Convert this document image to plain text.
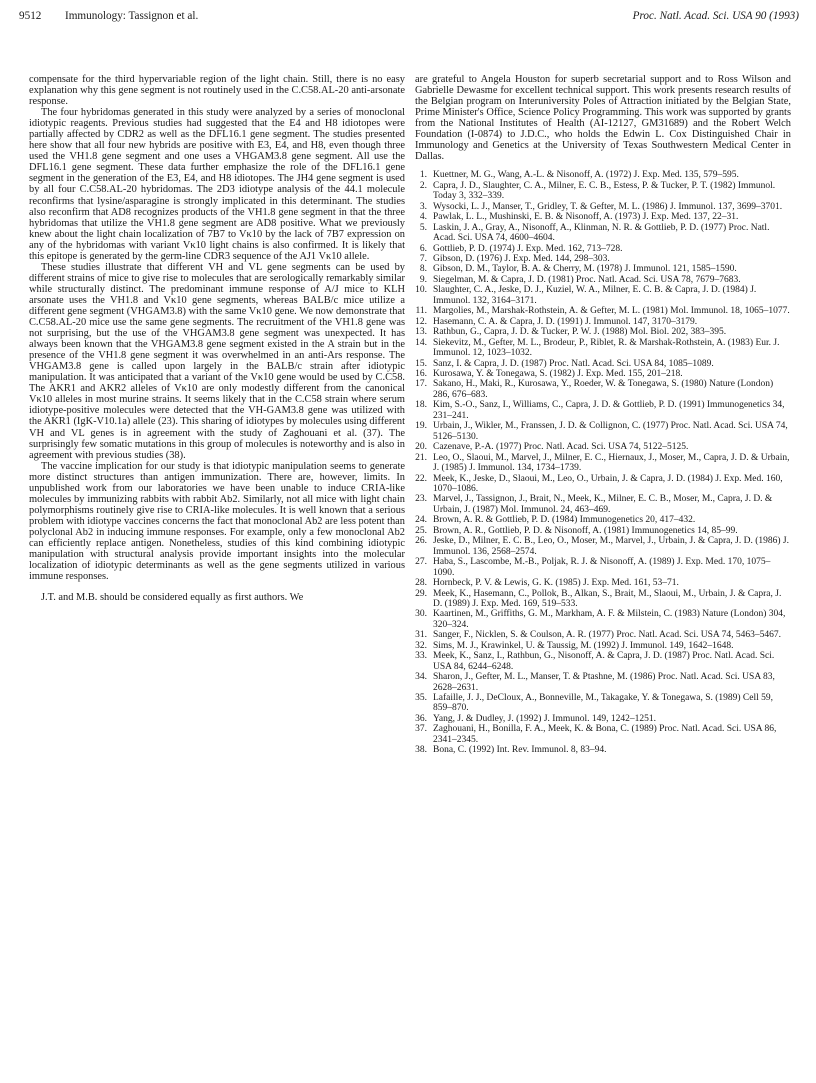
9512 Immunology: Tassignon et al.	Proc. Natl. Acad. Sci. USA 90 (1993)

compensate for the third hypervariable region of the light chain. Still, there is no easy explanation why this gene segment is not routinely used in the C.C58.AL-20 anti-arsonate response.

The four hybridomas generated in this study were analyzed by a series of monoclonal idiotypic reagents. Previous studies had suggested that the E4 and H8 idiotopes were partially affected by CDR2 as well as the DFL16.1 gene segment. The studies presented here show that all four new hybrids are positive with E3, E4, and H8, even though three used the VH1.8 gene segment and one uses a VHGAM3.8 gene segment. All use the DFL16.1 gene segment. These data further emphasize the role of the DFL16.1 gene segment in the generation of the E3, E4, and H8 idiotopes. The JH4 gene segment is used by all four C.C58.AL-20 hybridomas. The 2D3 idiotype analysis of the 44.1 molecule reconfirms that lysine/asparagine is strongly implicated in this determinant. The studies also reconfirm that AD8 recognizes products of the VH1.8 gene segment in that the three hybridomas that utilize the VH1.8 gene segment are AD8 positive. What we previously knew about the light chain localization of 7B7 to Vκ10 by the lack of 7B7 expression on any of the hybridomas with variant Vκ10 light chains is also confirmed. It is likely that this epitope is generated by the germ-line CDR3 sequence of the AJ1 Vκ10 allele.

These studies illustrate that different VH and VL gene segments can be used by different strains of mice to give rise to molecules that are serologically remarkably similar while structurally distinct. The predominant immune response of A/J mice to KLH arsonate uses the VH1.8 and Vκ10 gene segments, whereas BALB/c mice utilize a different gene segment (VHGAM3.8) with the same Vκ10 gene. We now demonstrate that C.C58.AL-20 mice use the same gene segments. The recruitment of the VH1.8 gene was not surprising, but the use of the VHGAM3.8 gene segment was unexpected. It has always been known that the VHGAM3.8 gene segment existed in the A strain but in the presence of the VH1.8 gene segment it was overwhelmed in an anti-Ars response. The VHGAM3.8 gene is called upon largely in the BALB/c strain after idiotypic manipulation. It was anticipated that a variant of the Vκ10 gene would be used by C.C58. The AKR1 and AKR2 alleles of Vκ10 are only modestly different from the canonical Vκ10 alleles in most murine strains. It seems likely that in the C.C58 strain where serum idiotype-positive molecules were detected that the VH-GAM3.8 gene was utilized with the AKR1 (IgK-V10.1a) allele (23). This sharing of idiotypes by molecules using different VH and VL genes is in agreement with the study of Zaghouani et al. (37). The surprisingly few somatic mutations in this group of molecules is noteworthy and is also in agreement with previous studies (38).

The vaccine implication for our study is that idiotypic manipulation seems to generate more distinct structures than antigen immunization. There are, however, limits. In unpublished work from our laboratories we have been unable to induce CRIA-like molecules by immunizing rabbits with rabbit Ab2. Similarly, not all mice with light chain polymorphisms routinely give rise to CRIA-like molecules. It is well known that a serious problem with idiotype vaccines concerns the fact that monoclonal Ab2 are less potent than polyclonal Ab2 in inducing immune responses. For example, only a few monoclonal Ab2 can efficiently replace antigen. Nonetheless, studies of this kind combining idiotypic manipulation with structural analysis provide important insights into the molecular localization of idiotypic determinants as well as the gene segments utilized in various immune responses.

J.T. and M.B. should be considered equally as first authors. We

are grateful to Angela Houston for superb secretarial support and to Ross Wilson and Gabrielle Dewasme for excellent technical support. This work presents research results of the Belgian program on Interuniversity Poles of Attraction initiated by the Belgian State, Prime Minister's Office, Science Policy Programming. This work was supported by grants from the National Institutes of Health (AI-12127, GM31689) and the Robert Welch Foundation (I-0874) to J.D.C., who holds the Edwin L. Cox Distinguished Chair in Immunology and Genetics at the University of Texas Southwestern Medical Center in Dallas.

1. Kuettner, M. G., Wang, A.-L. & Nisonoff, A. (1972) J. Exp. Med. 135, 579–595.
2. Capra, J. D., Slaughter, C. A., Milner, E. C. B., Estess, P. & Tucker, P. T. (1982) Immunol. Today 3, 332–339.
3. Wysocki, L. J., Manser, T., Gridley, T. & Gefter, M. L. (1986) J. Immunol. 137, 3699–3701.
4. Pawlak, L. L., Mushinski, E. B. & Nisonoff, A. (1973) J. Exp. Med. 137, 22–31.
5. Laskin, J. A., Gray, A., Nisonoff, A., Klinman, N. R. & Gottlieb, P. D. (1977) Proc. Natl. Acad. Sci. USA 74, 4600–4604.
6. Gottlieb, P. D. (1974) J. Exp. Med. 162, 713–728.
7. Gibson, D. (1976) J. Exp. Med. 144, 298–303.
8. Gibson, D. M., Taylor, B. A. & Cherry, M. (1978) J. Immunol. 121, 1585–1590.
9. Siegelman, M. & Capra, J. D. (1981) Proc. Natl. Acad. Sci. USA 78, 7679–7683.
10. Slaughter, C. A., Jeske, D. J., Kuziel, W. A., Milner, E. C. B. & Capra, J. D. (1984) J. Immunol. 132, 3164–3171.
11. Margolies, M., Marshak-Rothstein, A. & Gefter, M. L. (1981) Mol. Immunol. 18, 1065–1077.
12. Hasemann, C. A. & Capra, J. D. (1991) J. Immunol. 147, 3170–3179.
13. Rathbun, G., Capra, J. D. & Tucker, P. W. J. (1988) Mol. Biol. 202, 383–395.
14. Siekevitz, M., Gefter, M. L., Brodeur, P., Riblet, R. & Marshak-Rothstein, A. (1983) Eur. J. Immunol. 12, 1023–1032.
15. Sanz, I. & Capra, J. D. (1987) Proc. Natl. Acad. Sci. USA 84, 1085–1089.
16. Kurosawa, Y. & Tonegawa, S. (1982) J. Exp. Med. 155, 201–218.
17. Sakano, H., Maki, R., Kurosawa, Y., Roeder, W. & Tonegawa, S. (1980) Nature (London) 286, 676–683.
18. Kim, S.-O., Sanz, I., Williams, C., Capra, J. D. & Gottlieb, P. D. (1991) Immunogenetics 34, 231–241.
19. Urbain, J., Wikler, M., Franssen, J. D. & Collignon, C. (1977) Proc. Natl. Acad. Sci. USA 74, 5126–5130.
20. Cazenave, P.-A. (1977) Proc. Natl. Acad. Sci. USA 74, 5122–5125.
21. Leo, O., Slaoui, M., Marvel, J., Milner, E. C., Hiernaux, J., Moser, M., Capra, J. D. & Urbain, J. (1985) J. Immunol. 134, 1734–1739.
22. Meek, K., Jeske, D., Slaoui, M., Leo, O., Urbain, J. & Capra, J. D. (1984) J. Exp. Med. 160, 1070–1086.
23. Marvel, J., Tassignon, J., Brait, N., Meek, K., Milner, E. C. B., Moser, M., Capra, J. D. & Urbain, J. (1987) Mol. Immunol. 24, 463–469.
24. Brown, A. R. & Gottlieb, P. D. (1984) Immunogenetics 20, 417–432.
25. Brown, A. R., Gottlieb, P. D. & Nisonoff, A. (1981) Immunogenetics 14, 85–99.
26. Jeske, D., Milner, E. C. B., Leo, O., Moser, M., Marvel, J., Urbain, J. & Capra, J. D. (1986) J. Immunol. 136, 2568–2574.
27. Haba, S., Lascombe, M.-B., Poljak, R. J. & Nisonoff, A. (1989) J. Exp. Med. 170, 1075–1090.
28. Hornbeck, P. V. & Lewis, G. K. (1985) J. Exp. Med. 161, 53–71.
29. Meek, K., Hasemann, C., Pollok, B., Alkan, S., Brait, M., Slaoui, M., Urbain, J. & Capra, J. D. (1989) J. Exp. Med. 169, 519–533.
30. Kaartinen, M., Griffiths, G. M., Markham, A. F. & Milstein, C. (1983) Nature (London) 304, 320–324.
31. Sanger, F., Nicklen, S. & Coulson, A. R. (1977) Proc. Natl. Acad. Sci. USA 74, 5463–5467.
32. Sims, M. J., Krawinkel, U. & Taussig, M. (1992) J. Immunol. 149, 1642–1648.
33. Meek, K., Sanz, I., Rathbun, G., Nisonoff, A. & Capra, J. D. (1987) Proc. Natl. Acad. Sci. USA 84, 6244–6248.
34. Sharon, J., Gefter, M. L., Manser, T. & Ptashne, M. (1986) Proc. Natl. Acad. Sci. USA 83, 2628–2631.
35. Lafaille, J. J., DeCloux, A., Bonneville, M., Takagake, Y. & Tonegawa, S. (1989) Cell 59, 859–870.
36. Yang, J. & Dudley, J. (1992) J. Immunol. 149, 1242–1251.
37. Zaghouani, H., Bonilla, F. A., Meek, K. & Bona, C. (1989) Proc. Natl. Acad. Sci. USA 86, 2341–2345.
38. Bona, C. (1992) Int. Rev. Immunol. 8, 83–94.
